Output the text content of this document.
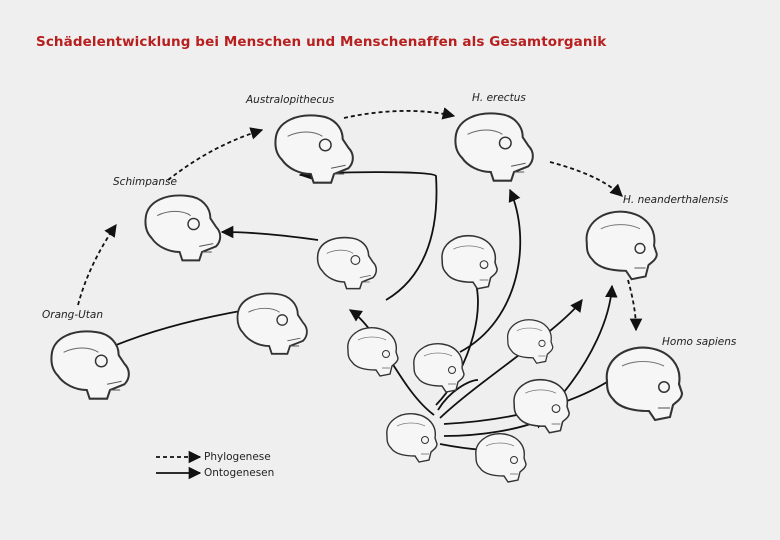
Schädelentwicklung bei Menschen und Menschenaffen als Gesamtorganik
Australopithecus	H. erectus
Schimpanse
H. neanderthalensis
Orang-Utan
Homo sapiens
Phylogenese
Ontogenesen
